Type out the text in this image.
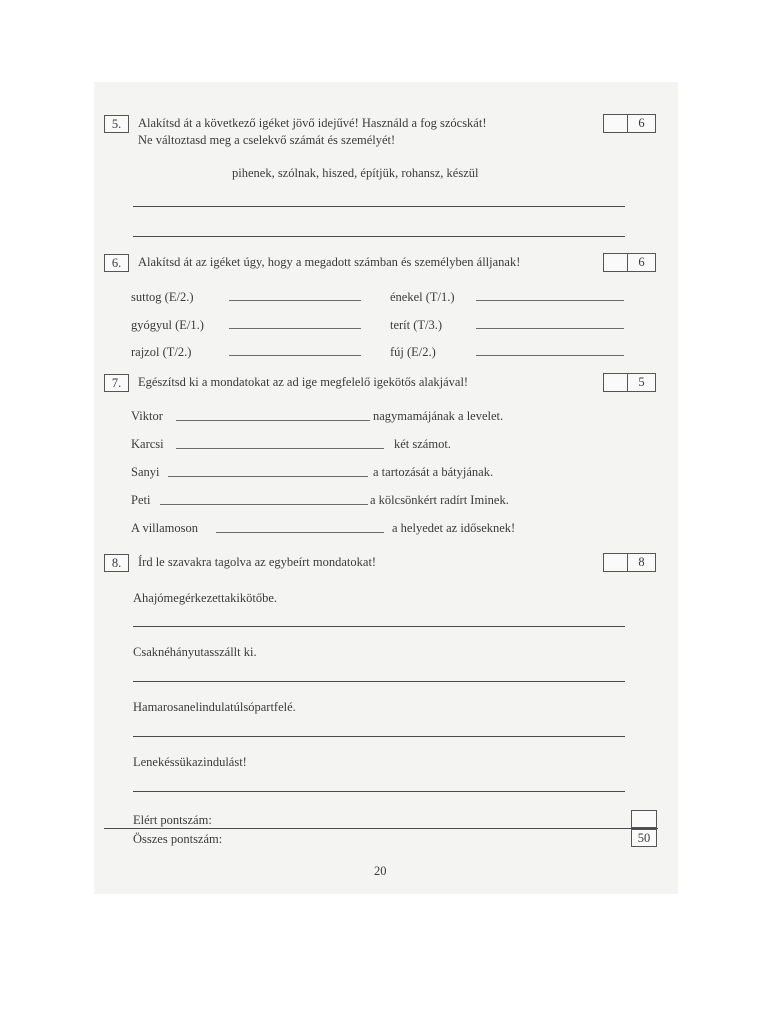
5.	Alakítsd át a következő igéket jövő idejűvé! Használd a fog szócskát!
Ne változtasd meg a cselekvő számát és személyét!
6
pihenek, szólnak, hiszed, építjük, rohansz, készül
6.	Alakítsd át az igéket úgy, hogy a megadott számban és személyben álljanak!	6
suttog (E/2.)	énekel (T/1.)
gyógyul (E/1.)	terít (T/3.)
rajzol (T/2.)	fúj (E/2.)
7.	Egészítsd ki a mondatokat az ad ige megfelelő igekötős alakjával!	5
Viktor	nagymamájának a levelet.
Karcsi	két számot.
Sanyi	a tartozását a bátyjának.
Peti	a kölcsönkért radírt Iminek.
A villamoson	a helyedet az időseknek!
8.	Írd le szavakra tagolva az egybeírt mondatokat!	8
Ahajómegérkezettakikötőbe.
Csaknéhányutasszállt ki.
Hamarosanelindulatúlsópartfelé.
Lenekéssükazindulást!
Elért pontszám:
Összes pontszám:	50
20
